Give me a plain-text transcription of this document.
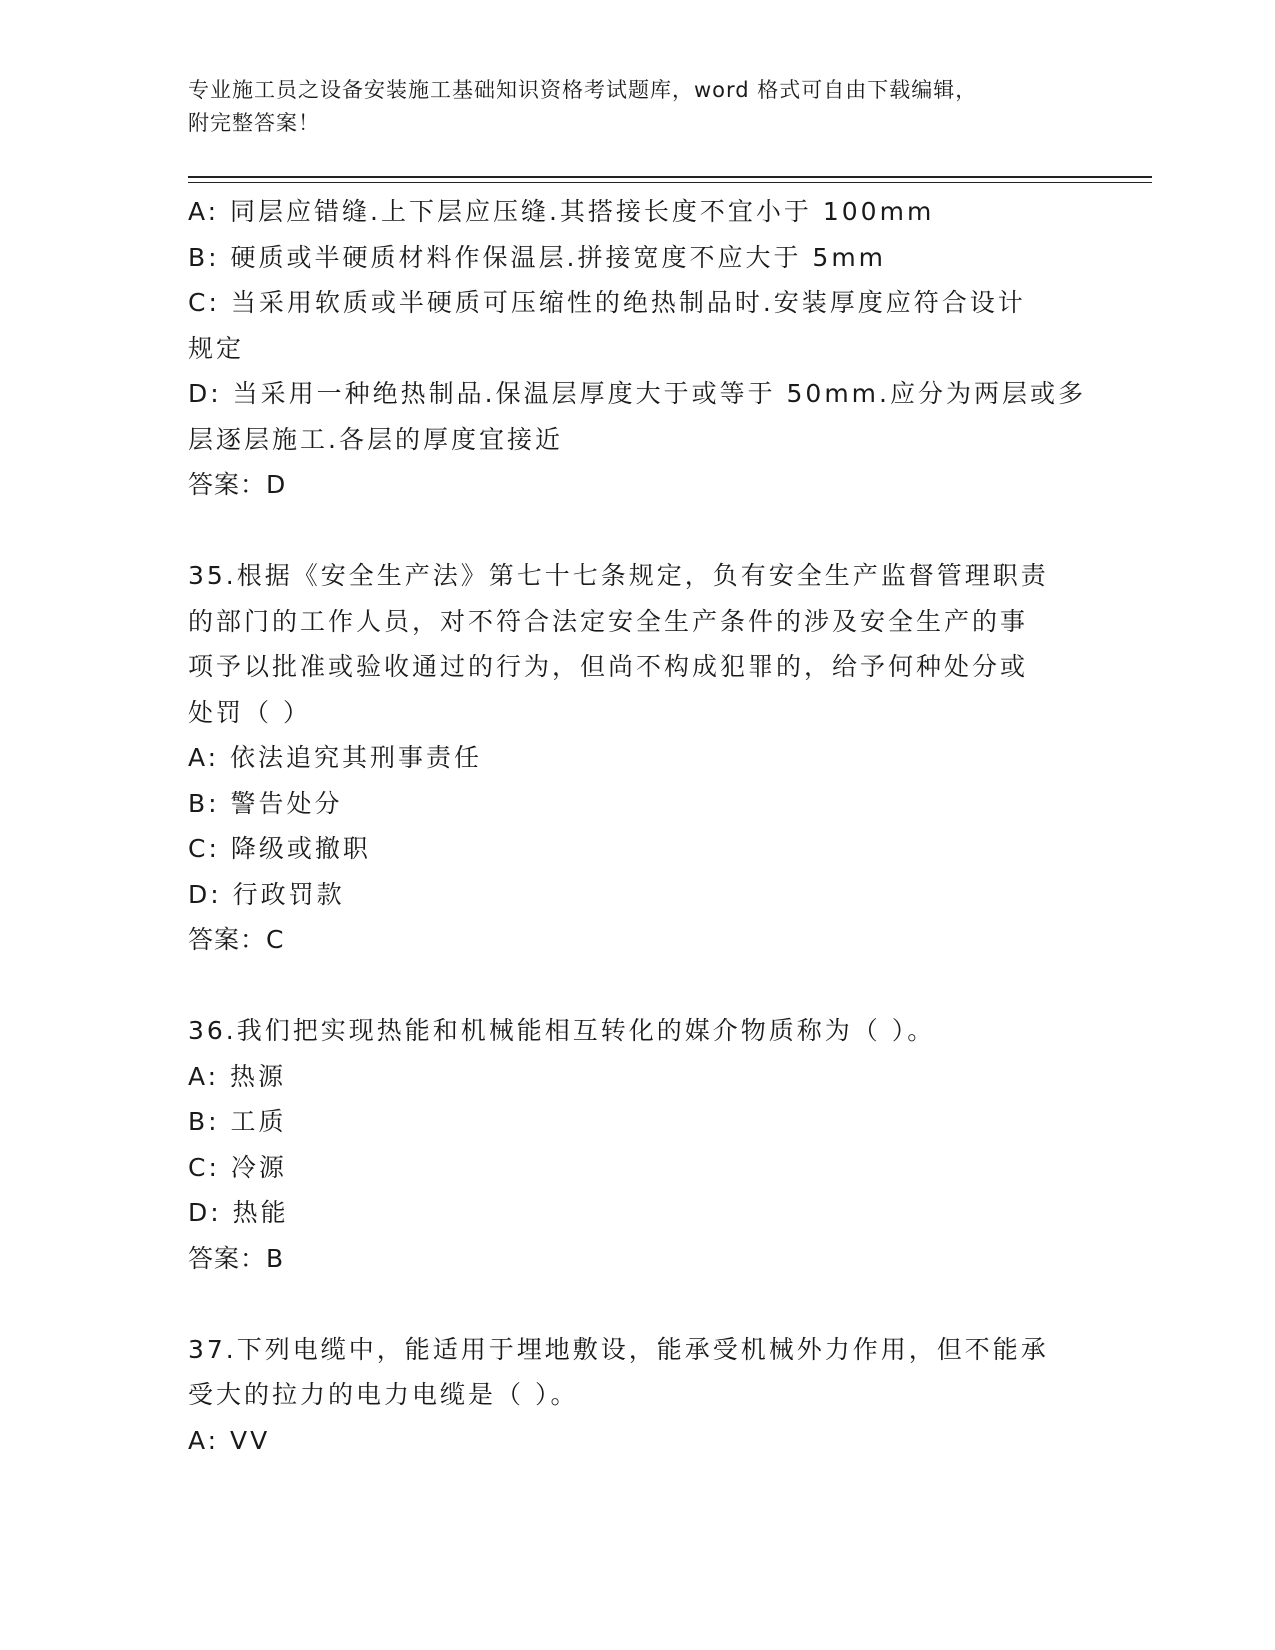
专业施工员之设备安装施工基础知识资格考试题库，word 格式可自由下载编辑，
附完整答案！
A: 同层应错缝.上下层应压缝.其搭接长度不宜小于 100mm
B: 硬质或半硬质材料作保温层.拼接宽度不应大于 5mm
C: 当采用软质或半硬质可压缩性的绝热制品时.安装厚度应符合设计
规定
D: 当采用一种绝热制品.保温层厚度大于或等于 50mm.应分为两层或多
层逐层施工.各层的厚度宜接近
答案：D
35.根据《安全生产法》第七十七条规定，负有安全生产监督管理职责
的部门的工作人员，对不符合法定安全生产条件的涉及安全生产的事
项予以批准或验收通过的行为，但尚不构成犯罪的，给予何种处分或
处罚（ ）
A: 依法追究其刑事责任
B: 警告处分
C: 降级或撤职
D: 行政罚款
答案：C
36.我们把实现热能和机械能相互转化的媒介物质称为（ ）。
A: 热源
B: 工质
C: 冷源
D: 热能
答案：B
37.下列电缆中，能适用于埋地敷设，能承受机械外力作用，但不能承
受大的拉力的电力电缆是（ ）。
A: VV
